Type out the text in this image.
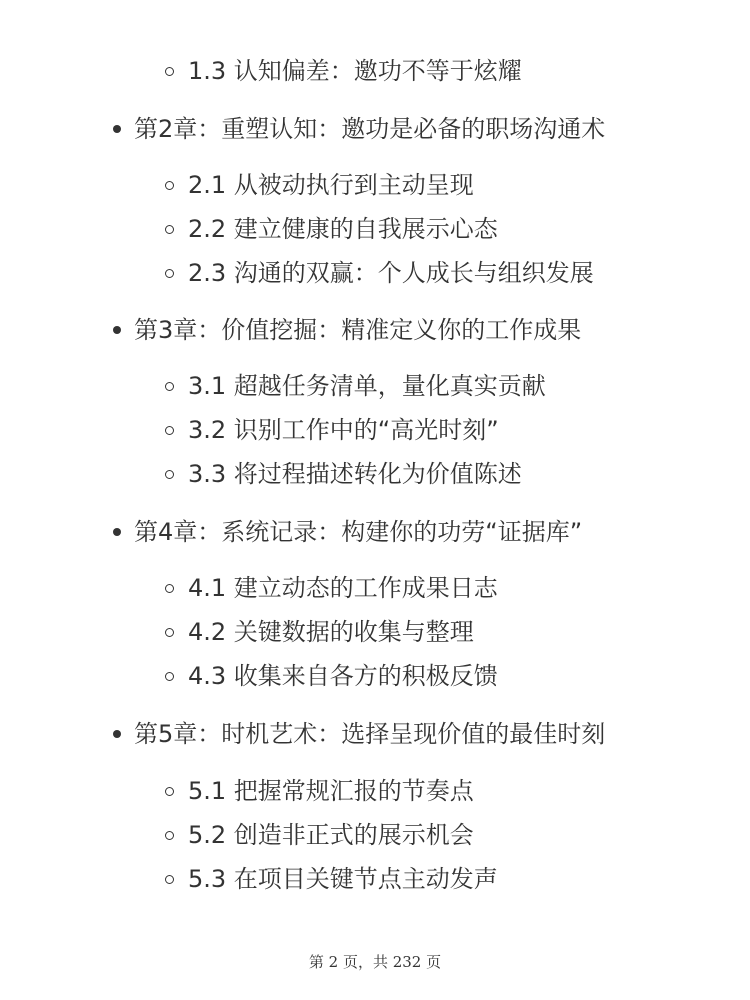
1.3 认知偏差：邀功不等于炫耀
第2章：重塑认知：邀功是必备的职场沟通术
2.1 从被动执行到主动呈现
2.2 建立健康的自我展示心态
2.3 沟通的双赢：个人成长与组织发展
第3章：价值挖掘：精准定义你的工作成果
3.1 超越任务清单，量化真实贡献
3.2 识别工作中的“高光时刻”
3.3 将过程描述转化为价值陈述
第4章：系统记录：构建你的功劳“证据库”
4.1 建立动态的工作成果日志
4.2 关键数据的收集与整理
4.3 收集来自各方的积极反馈
第5章：时机艺术：选择呈现价值的最佳时刻
5.1 把握常规汇报的节奏点
5.2 创造非正式的展示机会
5.3 在项目关键节点主动发声
第 2 页，共 232 页
